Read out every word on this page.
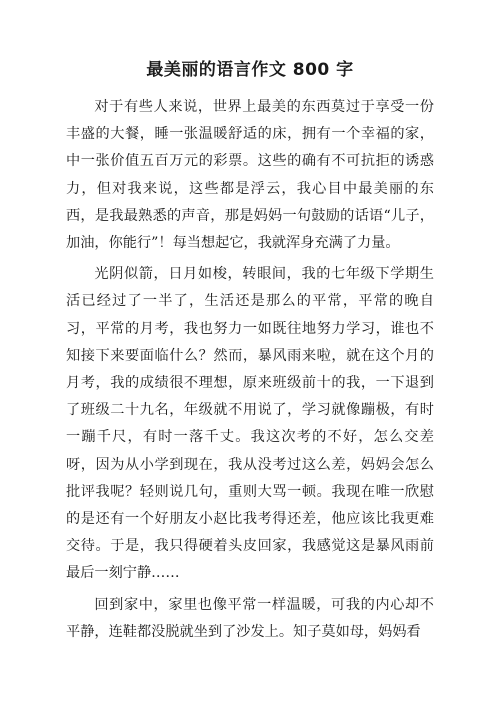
最美丽的语言作文 800 字

对于有些人来说，世界上最美的东西莫过于享受一份丰盛的大餐，睡一张温暖舒适的床，拥有一个幸福的家，中一张价值五百万元的彩票。这些的确有不可抗拒的诱惑力，但对我来说，这些都是浮云，我心目中最美丽的东西，是我最熟悉的声音，那是妈妈一句鼓励的话语“儿子，加油，你能行”！每当想起它，我就浑身充满了力量。

光阴似箭，日月如梭，转眼间，我的七年级下学期生活已经过了一半了，生活还是那么的平常，平常的晚自习，平常的月考，我也努力一如既往地努力学习，谁也不知接下来要面临什么？然而，暴风雨来啦，就在这个月的月考，我的成绩很不理想，原来班级前十的我，一下退到了班级二十九名，年级就不用说了，学习就像蹦极，有时一蹦千尺，有时一落千丈。我这次考的不好，怎么交差呀，因为从小学到现在，我从没考过这么差，妈妈会怎么批评我呢？轻则说几句，重则大骂一顿。我现在唯一欣慰的是还有一个好朋友小赵比我考得还差，他应该比我更难交待。于是，我只得硬着头皮回家，我感觉这是暴风雨前最后一刻宁静……

回到家中，家里也像平常一样温暖，可我的内心却不平静，连鞋都没脱就坐到了沙发上。知子莫如母，妈妈看
